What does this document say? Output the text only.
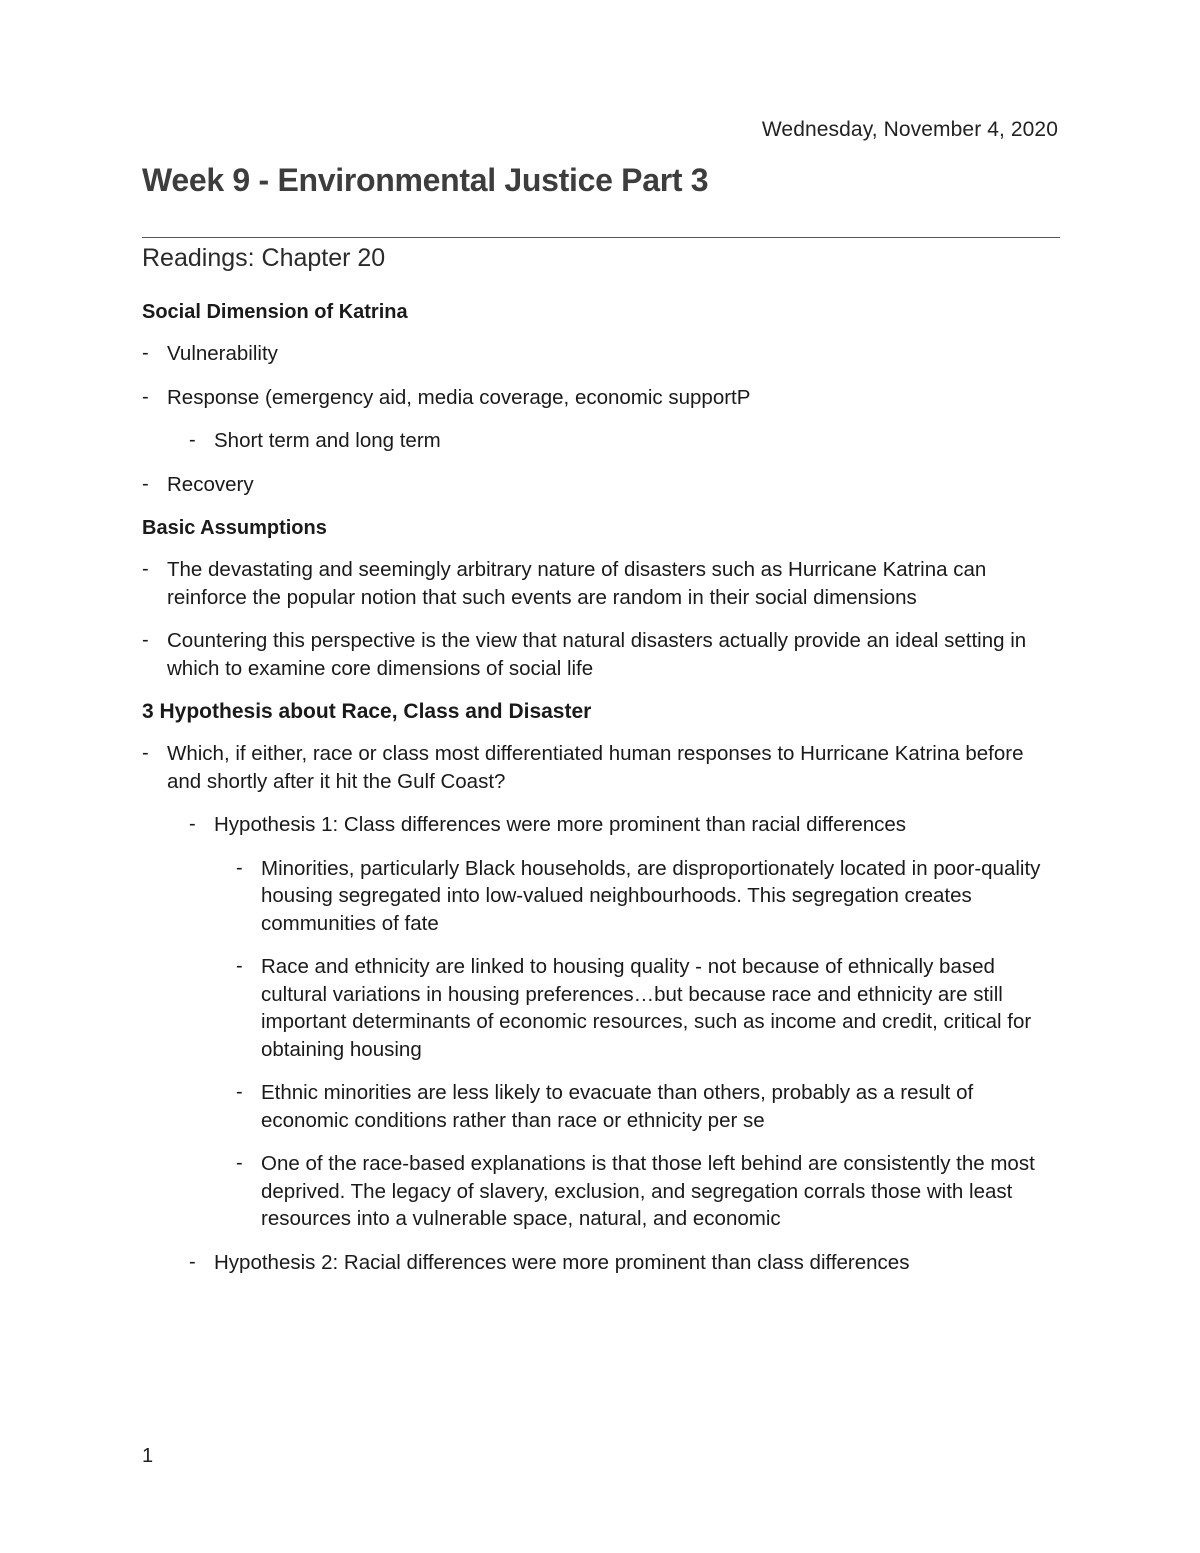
Wednesday, November 4, 2020
Week 9 - Environmental Justice Part 3
Readings: Chapter 20
Social Dimension of Katrina
- Vulnerability
- Response (emergency aid, media coverage, economic supportP
- Short term and long term
- Recovery
Basic Assumptions
- The devastating and seemingly arbitrary nature of disasters such as Hurricane Katrina can reinforce the popular notion that such events are random in their social dimensions
- Countering this perspective is the view that natural disasters actually provide an ideal setting in which to examine core dimensions of social life
3 Hypothesis about Race, Class and Disaster
- Which, if either, race or class most differentiated human responses to Hurricane Katrina before and shortly after it hit the Gulf Coast?
- Hypothesis 1: Class differences were more prominent than racial differences
- Minorities, particularly Black households, are disproportionately located in poor-quality housing segregated into low-valued neighbourhoods. This segregation creates communities of fate
- Race and ethnicity are linked to housing quality - not because of ethnically based cultural variations in housing preferences…but because race and ethnicity are still important determinants of economic resources, such as income and credit, critical for obtaining housing
- Ethnic minorities are less likely to evacuate than others, probably as a result of economic conditions rather than race or ethnicity per se
- One of the race-based explanations is that those left behind are consistently the most deprived. The legacy of slavery, exclusion, and segregation corrals those with least resources into a vulnerable space, natural, and economic
- Hypothesis 2: Racial differences were more prominent than class differences
1
